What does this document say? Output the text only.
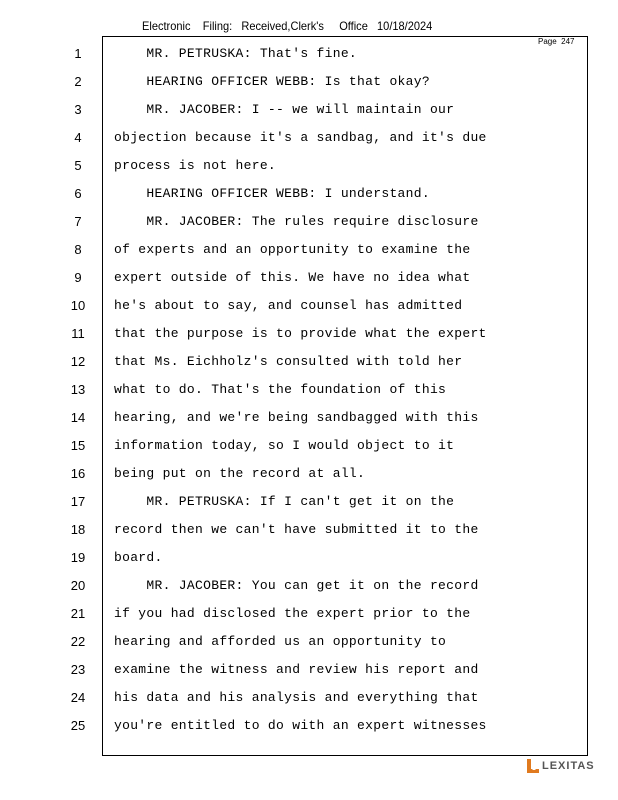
Electronic    Filing:   Received,Clerk's     Office   10/18/2024
Page  247
1
2
3
4
5
6
7
8
9
10
11
12
13
14
15
16
17
18
19
20
21
22
23
24
25
MR. PETRUSKA: That's fine.
HEARING OFFICER WEBB: Is that okay?
MR. JACOBER: I -- we will maintain our
objection because it's a sandbag, and it's due
process is not here.
HEARING OFFICER WEBB: I understand.
MR. JACOBER: The rules require disclosure
of experts and an opportunity to examine the
expert outside of this. We have no idea what
he's about to say, and counsel has admitted
that the purpose is to provide what the expert
that Ms. Eichholz's consulted with told her
what to do. That's the foundation of this
hearing, and we're being sandbagged with this
information today, so I would object to it
being put on the record at all.
MR. PETRUSKA: If I can't get it on the
record then we can't have submitted it to the
board.
MR. JACOBER: You can get it on the record
if you had disclosed the expert prior to the
hearing and afforded us an opportunity to
examine the witness and review his report and
his data and his analysis and everything that
you're entitled to do with an expert witnesses
LEXITAS
